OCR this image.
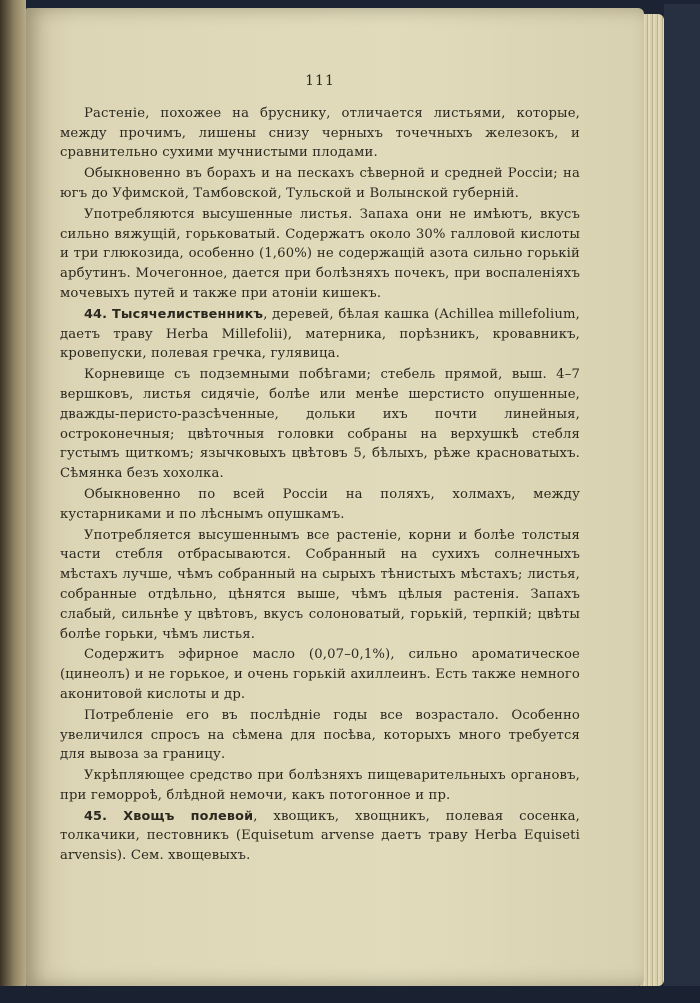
111

Растеніе, похожее на бруснику, отличается листьями, которые, между прочимъ, лишены снизу черныхъ точечныхъ железокъ, и сравнительно сухими мучнистыми плодами.

Обыкновенно въ борахъ и на пескахъ сѣверной и средней Россіи; на югъ до Уфимской, Тамбовской, Тульской и Волынской губерній.

Употребляются высушенные листья. Запаха они не имѣютъ, вкусъ сильно вяжущій, горьковатый. Содержатъ около 30% галловой кислоты и три глюкозида, особенно (1,60%) не содержащій азота сильно горькій арбутинъ. Мочегонное, дается при болѣзняхъ почекъ, при воспаленіяхъ мочевыхъ путей и также при атоніи кишекъ.

44. Тысячелиственникъ, деревей, бѣлая кашка (Achillea millefolium, даетъ траву Herba Millefolii), матерника, порѣзникъ, кровавникъ, кровепуски, полевая гречка, гулявица.

Корневище съ подземными побѣгами; стебель прямой, выш. 4–7 вершковъ, листья сидячіе, болѣе или менѣе шерстисто опушенные, дважды-перисто-разсѣченные, дольки ихъ почти линейныя, остроконечныя; цвѣточныя головки собраны на верхушкѣ стебля густымъ щиткомъ; язычковыхъ цвѣтовъ 5, бѣлыхъ, рѣже красноватыхъ. Сѣмянка безъ хохолка.

Обыкновенно по всей Россіи на поляхъ, холмахъ, между кустарниками и по лѣснымъ опушкамъ.

Употребляется высушеннымъ все растеніе, корни и болѣе толстыя части стебля отбрасываются. Собранный на сухихъ солнечныхъ мѣстахъ лучше, чѣмъ собранный на сырыхъ тѣнистыхъ мѣстахъ; листья, собранные отдѣльно, цѣнятся выше, чѣмъ цѣлыя растенія. Запахъ слабый, сильнѣе у цвѣтовъ, вкусъ солоноватый, горькій, терпкій; цвѣты болѣе горьки, чѣмъ листья.

Содержитъ эфирное масло (0,07–0,1%), сильно ароматическое (цинеолъ) и не горькое, и очень горькій ахиллеинъ. Есть также немного аконитовой кислоты и др.

Потребленіе его въ послѣдніе годы все возрастало. Особенно увеличился спросъ на сѣмена для посѣва, которыхъ много требуется для вывоза за границу.

Укрѣпляющее средство при болѣзняхъ пищеварительныхъ органовъ, при геморроѣ, блѣдной немочи, какъ потогонное и пр.

45. Хвощъ полевой, хвощикъ, хвощникъ, полевая сосенка, толкачики, пестовникъ (Equisetum arvense даетъ траву Herba Equiseti arvensis). Сем. хвощевыхъ.
